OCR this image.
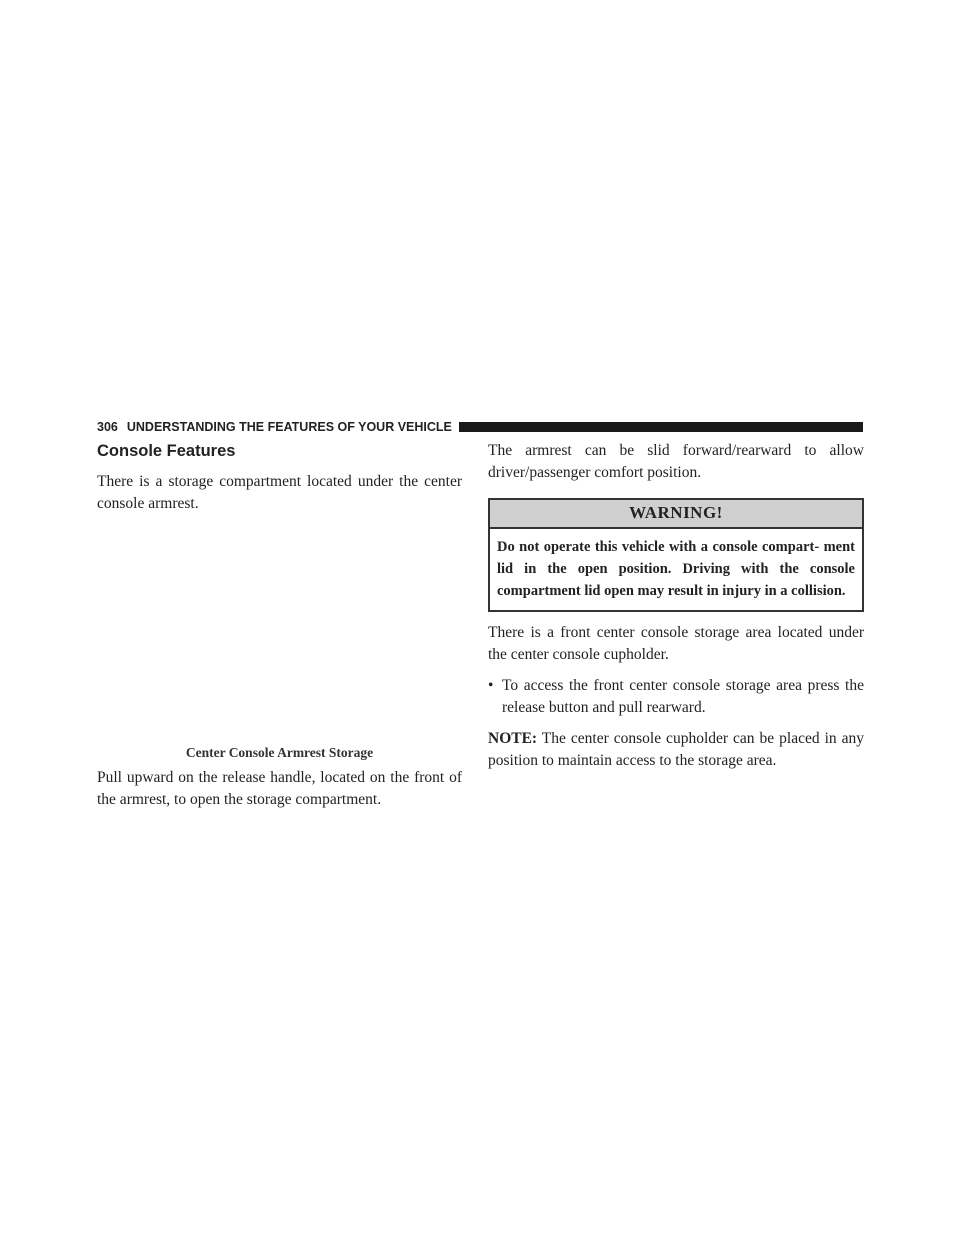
306 UNDERSTANDING THE FEATURES OF YOUR VEHICLE
Console Features

There is a storage compartment located under the center console armrest.

Center Console Armrest Storage

Pull upward on the release handle, located on the front of the armrest, to open the storage compartment.

The armrest can be slid forward/rearward to allow driver/passenger comfort position.

WARNING!
Do not operate this vehicle with a console compart- ment lid in the open position. Driving with the console compartment lid open may result in injury in a collision.

There is a front center console storage area located under the center console cupholder.

• To access the front center console storage area press the release button and pull rearward.

NOTE: The center console cupholder can be placed in any position to maintain access to the storage area.
